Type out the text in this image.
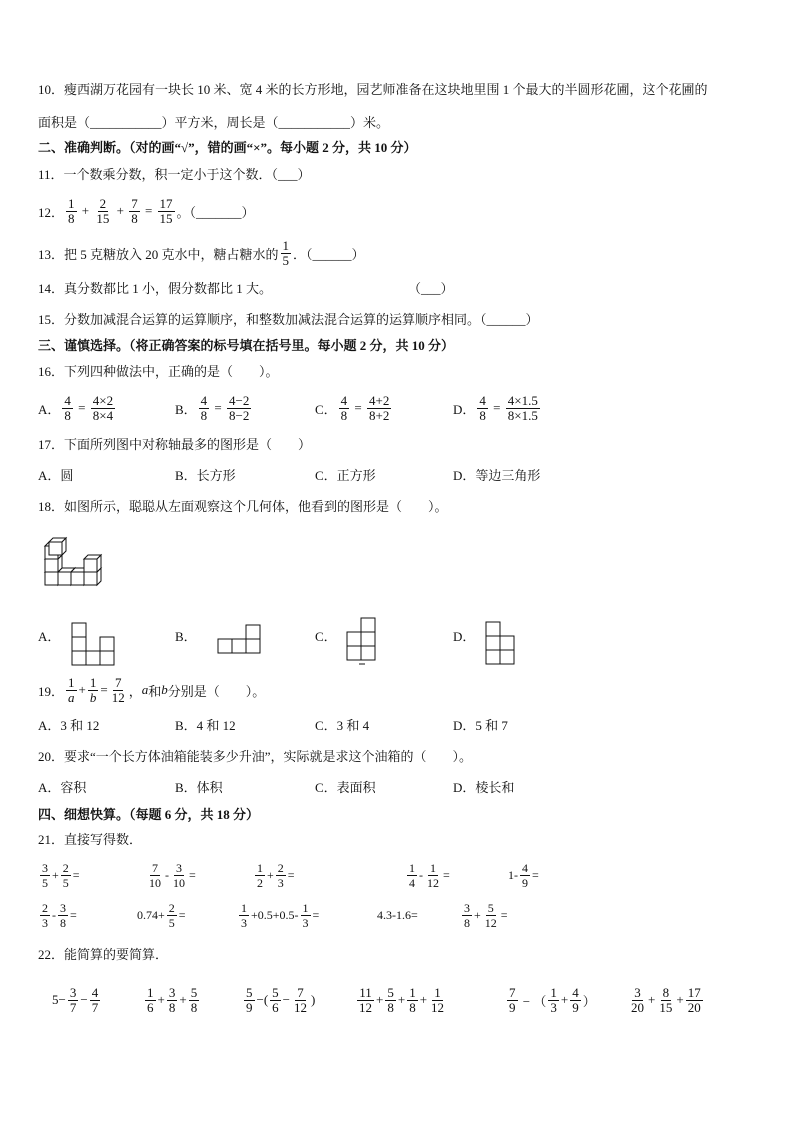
10．瘦西湖万花园有一块长 10 米、宽 4 米的长方形地，园艺师准备在这块地里围 1 个最大的半圆形花圃，这个花圃的
面积是（___________）平方米，周长是（___________）米。
二、准确判断。（对的画“√”，错的画“×”。每小题 2 分，共 10 分）
11．一个数乘分数，积一定小于这个数．（___）
12． $\frac{1}{8} + \frac{2}{15} + \frac{7}{8} = \frac{17}{15}$ 。（_______）
13．把 5 克糖放入 20 克水中，糖占糖水的 $\frac{1}{5}$ ．（______）
14．真分数都比 1 小，假分数都比 1 大。	（___）
15．分数加减混合运算的运算顺序，和整数加减法混合运算的运算顺序相同。（______）
三、谨慎选择。（将正确答案的标号填在括号里。每小题 2 分，共 10 分）
16．下列四种做法中，正确的是（　　）。
A． $\frac{4}{8} = \frac{4\times 2}{8\times 4}$	B． $\frac{4}{8} = \frac{4-2}{8-2}$	C． $\frac{4}{8} = \frac{4+2}{8+2}$	D． $\frac{4}{8} = \frac{4\times 1.5}{8\times 1.5}$
17．下面所列图中对称轴最多的图形是（　　）
A．圆	B．长方形	C．正方形	D．等边三角形
18．如图所示，聪聪从左面观察这个几何体，他看到的图形是（　　）。
A．	B．	C．	D．
19． $\frac{1}{a} + \frac{1}{b} = \frac{7}{12}$ ， a 和 b 分别是（　　）。
A．3 和 12	B．4 和 12	C．3 和 4	D．5 和 7
20．要求“一个长方体油箱能装多少升油”，实际就是求这个油箱的（　　）。
A．容积	B．体积	C．表面积	D．棱长和
四、细想快算。（每题 6 分，共 18 分）
21．直接写得数．
$\frac{3}{5} + \frac{2}{5}$ =	$\frac{7}{10} - \frac{3}{10}$ =	$\frac{1}{2} + \frac{2}{3}$ =	$\frac{1}{4} - \frac{1}{12}$ =	$1- \frac{4}{9}$ =
$\frac{2}{3} - \frac{3}{8}$ =	$0.74+ \frac{2}{5}$ =	$\frac{1}{3} +0.5+0.5- \frac{1}{3}$ =	4.3-1.6=	$\frac{3}{8} + \frac{5}{12}$ =
22．能简算的要简算．
$5- \frac{3}{7} - \frac{4}{7}$	$\frac{1}{6} + \frac{3}{8} + \frac{5}{8}$	$\frac{5}{9}$ −( $\frac{5}{6} - \frac{7}{12}$ )	$\frac{11}{12} + \frac{5}{8} + \frac{1}{8} + \frac{1}{12}$	$\frac{7}{9}$ − （ $\frac{1}{3} + \frac{4}{9}$ ）	$\frac{3}{20} + \frac{8}{15} + \frac{17}{20}$
